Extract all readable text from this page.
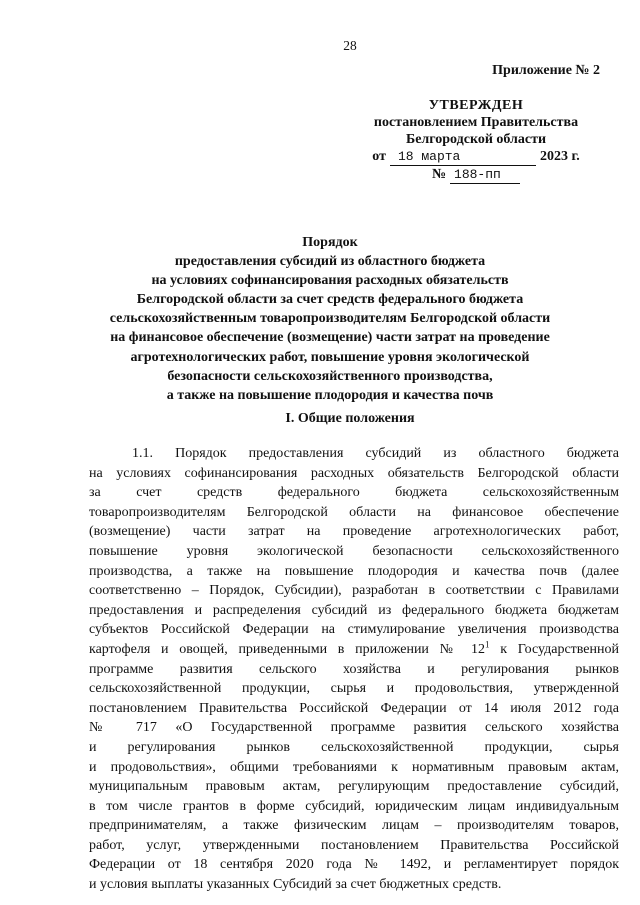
28
Приложение № 2
УТВЕРЖДЕН
постановлением Правительства
Белгородской области
от 18 марта	2023 г.
№ 188-пп
Порядок
предоставления субсидий из областного бюджета
на условиях софинансирования расходных обязательств
Белгородской области за счет средств федерального бюджета
сельскохозяйственным товаропроизводителям Белгородской области
на финансовое обеспечение (возмещение) части затрат на проведение
агротехнологических работ, повышение уровня экологической
безопасности сельскохозяйственного производства,
а также на повышение плодородия и качества почв
I. Общие положения
1.1. Порядок предоставления субсидий из областного бюджета
на условиях софинансирования расходных обязательств Белгородской области
за счет средств федерального бюджета сельскохозяйственным
товаропроизводителям Белгородской области на финансовое обеспечение
(возмещение) части затрат на проведение агротехнологических работ,
повышение уровня экологической безопасности сельскохозяйственного
производства, а также на повышение плодородия и качества почв (далее
соответственно – Порядок, Субсидии), разработан в соответствии с Правилами
предоставления и распределения субсидий из федерального бюджета бюджетам
субъектов Российской Федерации на стимулирование увеличения производства
картофеля и овощей, приведенными в приложении № $12^1$ к Государственной
программе развития сельского хозяйства и регулирования рынков
сельскохозяйственной продукции, сырья и продовольствия, утвержденной
постановлением Правительства Российской Федерации от 14 июля 2012 года
№ 717 «О Государственной программе развития сельского хозяйства
и регулирования рынков сельскохозяйственной продукции, сырья
и продовольствия», общими требованиями к нормативным правовым актам,
муниципальным правовым актам, регулирующим предоставление субсидий,
в том числе грантов в форме субсидий, юридическим лицам индивидуальным
предпринимателям, а также физическим лицам – производителям товаров,
работ, услуг, утвержденными постановлением Правительства Российской
Федерации от 18 сентября 2020 года № 1492, и регламентирует порядок
и условия выплаты указанных Субсидий за счет бюджетных средств.
